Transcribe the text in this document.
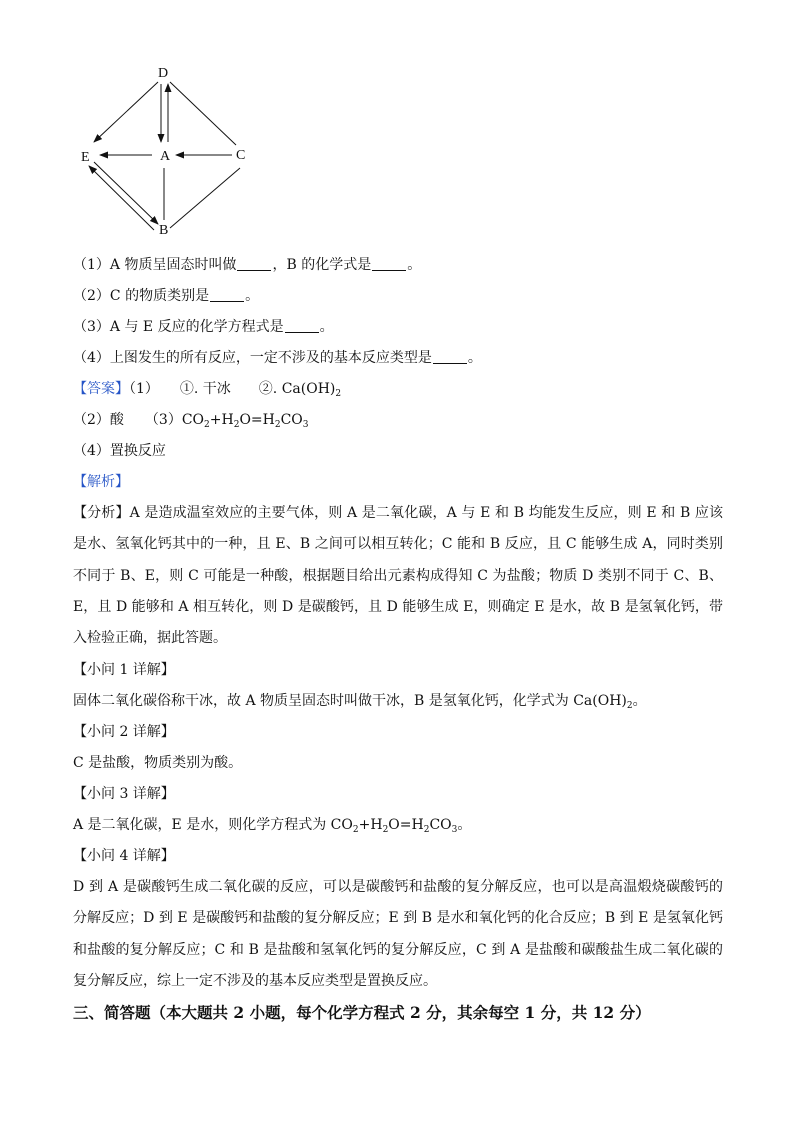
D
E	A	C
B
（1）A 物质呈固态时叫做	，B 的化学式是	。
（2）C 的物质类别是	。
（3）A 与 E 反应的化学方程式是	。
（4）上图发生的所有反应，一定不涉及的基本反应类型是	。
【答案】（1）　　①. 干冰　　②. $Ca(OH)_2$
（2）酸　　$(3)CO_2+H_2O=H_2CO_3$
（4）置换反应
【解析】
【分析】A 是造成温室效应的主要气体，则 A 是二氧化碳，A 与 E 和 B 均能发生反应，则 E 和 B 应该是水、氢氧化钙其中的一种，且 E、B 之间可以相互转化；C 能和 B 反应，且 C 能够生成 A，同时类别不同于 B、E，则 C 可能是一种酸，根据题目给出元素构成得知 C 为盐酸；物质 D 类别不同于 C、B、E，且 D 能够和 A 相互转化，则 D 是碳酸钙，且 D 能够生成 E，则确定 E 是水，故 B 是氢氧化钙，带入检验正确，据此答题。
【小问 1 详解】
固体二氧化碳俗称干冰，故 A 物质呈固态时叫做干冰，B 是氢氧化钙，化学式为 $Ca(OH)_2$。
【小问 2 详解】
C 是盐酸，物质类别为酸。
【小问 3 详解】
A 是二氧化碳，E 是水，则化学方程式为 $CO_2+H_2O=H_2CO_3$。
【小问 4 详解】
D 到 A 是碳酸钙生成二氧化碳的反应，可以是碳酸钙和盐酸的复分解反应，也可以是高温煅烧碳酸钙的分解反应；D 到 E 是碳酸钙和盐酸的复分解反应；E 到 B 是水和氧化钙的化合反应；B 到 E 是氢氧化钙和盐酸的复分解反应；C 和 B 是盐酸和氢氧化钙的复分解反应，C 到 A 是盐酸和碳酸盐生成二氧化碳的复分解反应，综上一定不涉及的基本反应类型是置换反应。
三、简答题（本大题共 2 小题，每个化学方程式 2 分，其余每空 1 分，共 12 分）
